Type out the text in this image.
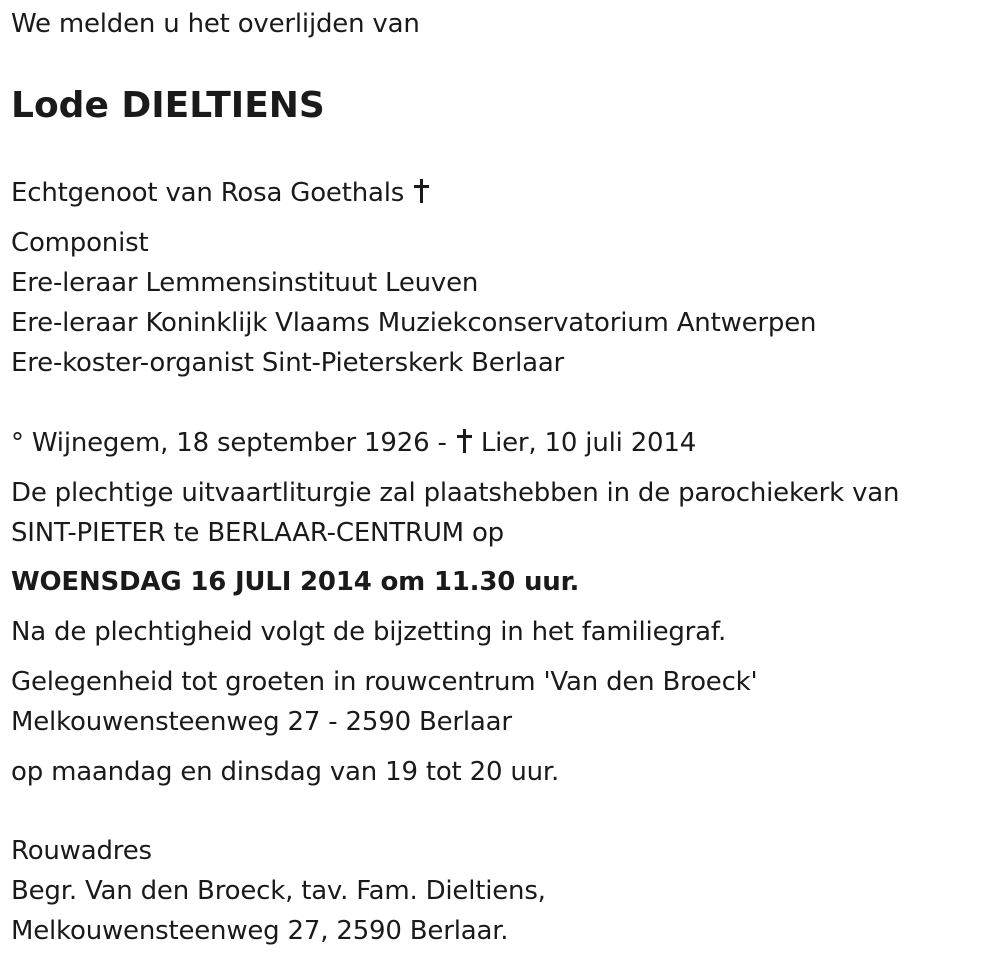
We melden u het overlijden van
Lode DIELTIENS
Echtgenoot van Rosa Goethals
Componist
Ere-leraar Lemmensinstituut Leuven
Ere-leraar Koninklijk Vlaams Muziekconservatorium Antwerpen
Ere-koster-organist Sint-Pieterskerk Berlaar
° Wijnegem, 18 september 1926 - Lier, 10 juli 2014
De plechtige uitvaartliturgie zal plaatshebben in de parochiekerk van
SINT-PIETER te BERLAAR-CENTRUM op
WOENSDAG 16 JULI 2014 om 11.30 uur.
Na de plechtigheid volgt de bijzetting in het familiegraf.
Gelegenheid tot groeten in rouwcentrum 'Van den Broeck'
Melkouwensteenweg 27 - 2590 Berlaar
op maandag en dinsdag van 19 tot 20 uur.
Rouwadres
Begr. Van den Broeck, tav. Fam. Dieltiens,
Melkouwensteenweg 27, 2590 Berlaar.
